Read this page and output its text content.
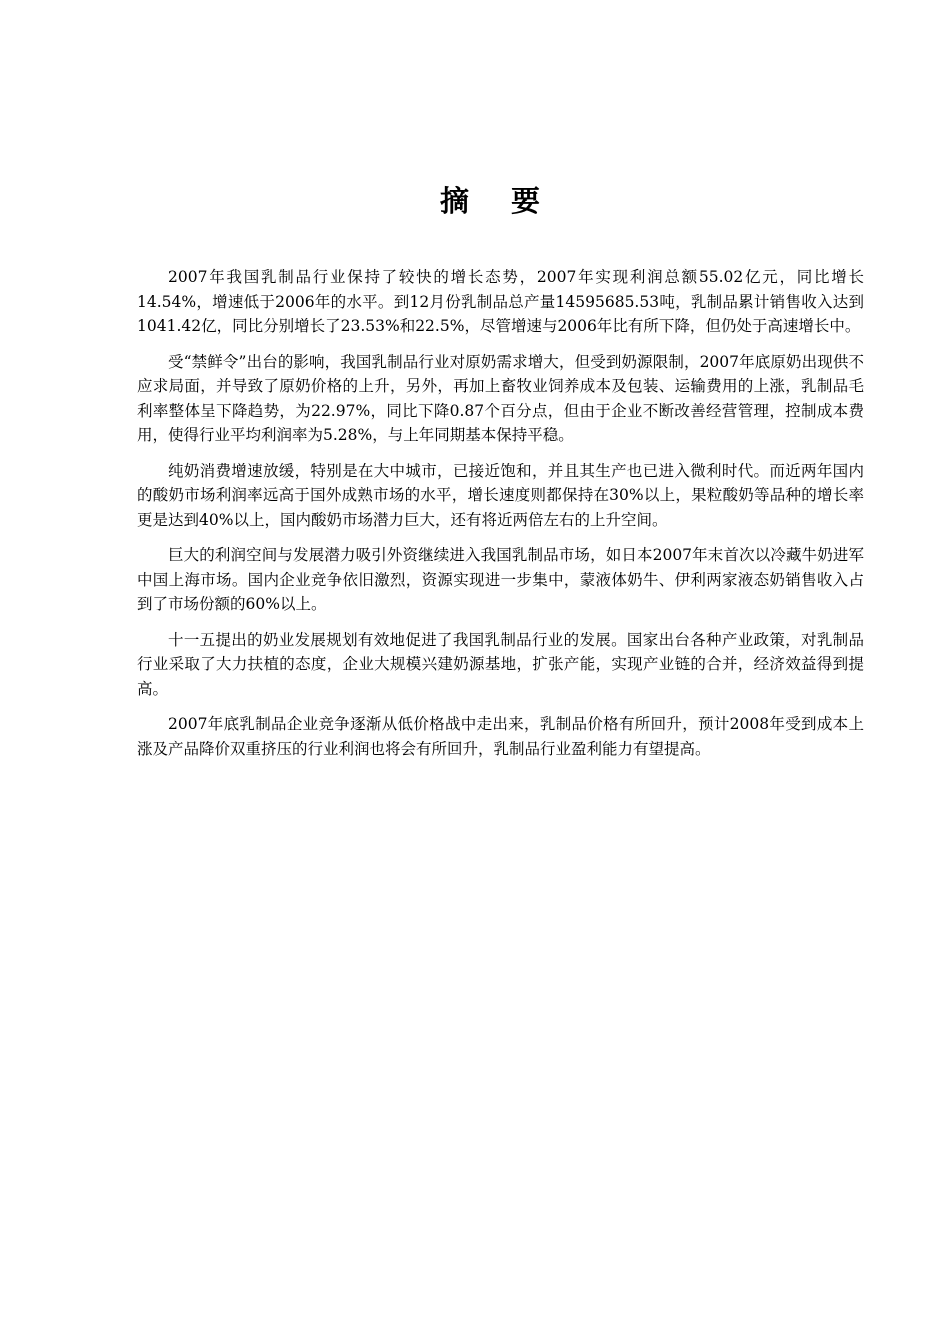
摘 要

2007年我国乳制品行业保持了较快的增长态势，2007年实现利润总额55.02亿元，同比增长14.54%，增速低于2006年的水平。到12月份乳制品总产量14595685.53吨，乳制品累计销售收入达到1041.42亿，同比分别增长了23.53%和22.5%，尽管增速与2006年比有所下降，但仍处于高速增长中。

受“禁鲜令”出台的影响，我国乳制品行业对原奶需求增大，但受到奶源限制，2007年底原奶出现供不应求局面，并导致了原奶价格的上升，另外，再加上畜牧业饲养成本及包装、运输费用的上涨，乳制品毛利率整体呈下降趋势，为22.97%，同比下降0.87个百分点，但由于企业不断改善经营管理，控制成本费用，使得行业平均利润率为5.28%，与上年同期基本保持平稳。

纯奶消费增速放缓，特别是在大中城市，已接近饱和，并且其生产也已进入微利时代。而近两年国内的酸奶市场利润率远高于国外成熟市场的水平，增长速度则都保持在30%以上，果粒酸奶等品种的增长率更是达到40%以上，国内酸奶市场潜力巨大，还有将近两倍左右的上升空间。

巨大的利润空间与发展潜力吸引外资继续进入我国乳制品市场，如日本2007年末首次以冷藏牛奶进军中国上海市场。国内企业竞争依旧激烈，资源实现进一步集中，蒙液体奶牛、伊利两家液态奶销售收入占到了市场份额的60%以上。

十一五提出的奶业发展规划有效地促进了我国乳制品行业的发展。国家出台各种产业政策，对乳制品行业采取了大力扶植的态度，企业大规模兴建奶源基地，扩张产能，实现产业链的合并，经济效益得到提高。

2007年底乳制品企业竞争逐渐从低价格战中走出来，乳制品价格有所回升，预计2008年受到成本上涨及产品降价双重挤压的行业利润也将会有所回升，乳制品行业盈利能力有望提高。
